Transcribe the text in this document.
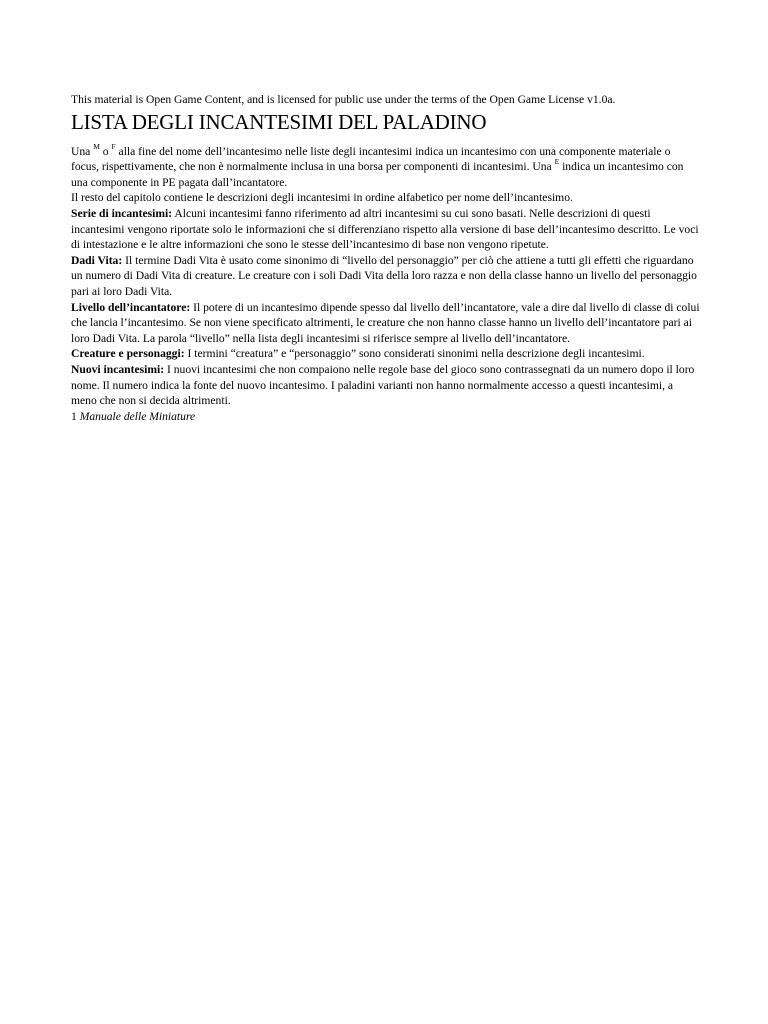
This material is Open Game Content, and is licensed for public use under the terms of the Open Game License v1.0a.

LISTA DEGLI INCANTESIMI DEL PALADINO

Una $^M$ o $^F$ alla fine del nome dell’incantesimo nelle liste degli incantesimi indica un incantesimo con una componente materiale o focus, rispettivamente, che non è normalmente inclusa in una borsa per componenti di incantesimi. Una $^E$ indica un incantesimo con una componente in PE pagata dall’incantatore.

Il resto del capitolo contiene le descrizioni degli incantesimi in ordine alfabetico per nome dell’incantesimo.

Serie di incantesimi: Alcuni incantesimi fanno riferimento ad altri incantesimi su cui sono basati. Nelle descrizioni di questi incantesimi vengono riportate solo le informazioni che si differenziano rispetto alla versione di base dell’incantesimo descritto. Le voci di intestazione e le altre informazioni che sono le stesse dell’incantesimo di base non vengono ripetute.

Dadi Vita: Il termine Dadi Vita è usato come sinonimo di “livello del personaggio” per ciò che attiene a tutti gli effetti che riguardano un numero di Dadi Vita di creature. Le creature con i soli Dadi Vita della loro razza e non della classe hanno un livello del personaggio pari ai loro Dadi Vita.

Livello dell’incantatore: Il potere di un incantesimo dipende spesso dal livello dell’incantatore, vale a dire dal livello di classe di colui che lancia l’incantesimo. Se non viene specificato altrimenti, le creature che non hanno classe hanno un livello dell’incantatore pari ai loro Dadi Vita. La parola “livello” nella lista degli incantesimi si riferisce sempre al livello dell’incantatore.

Creature e personaggi: I termini “creatura” e “personaggio” sono considerati sinonimi nella descrizione degli incantesimi.

Nuovi incantesimi: I nuovi incantesimi che non compaiono nelle regole base del gioco sono contrassegnati da un numero dopo il loro nome. Il numero indica la fonte del nuovo incantesimo. I paladini varianti non hanno normalmente accesso a questi incantesimi, a meno che non si decida altrimenti.

1 Manuale delle Miniature
